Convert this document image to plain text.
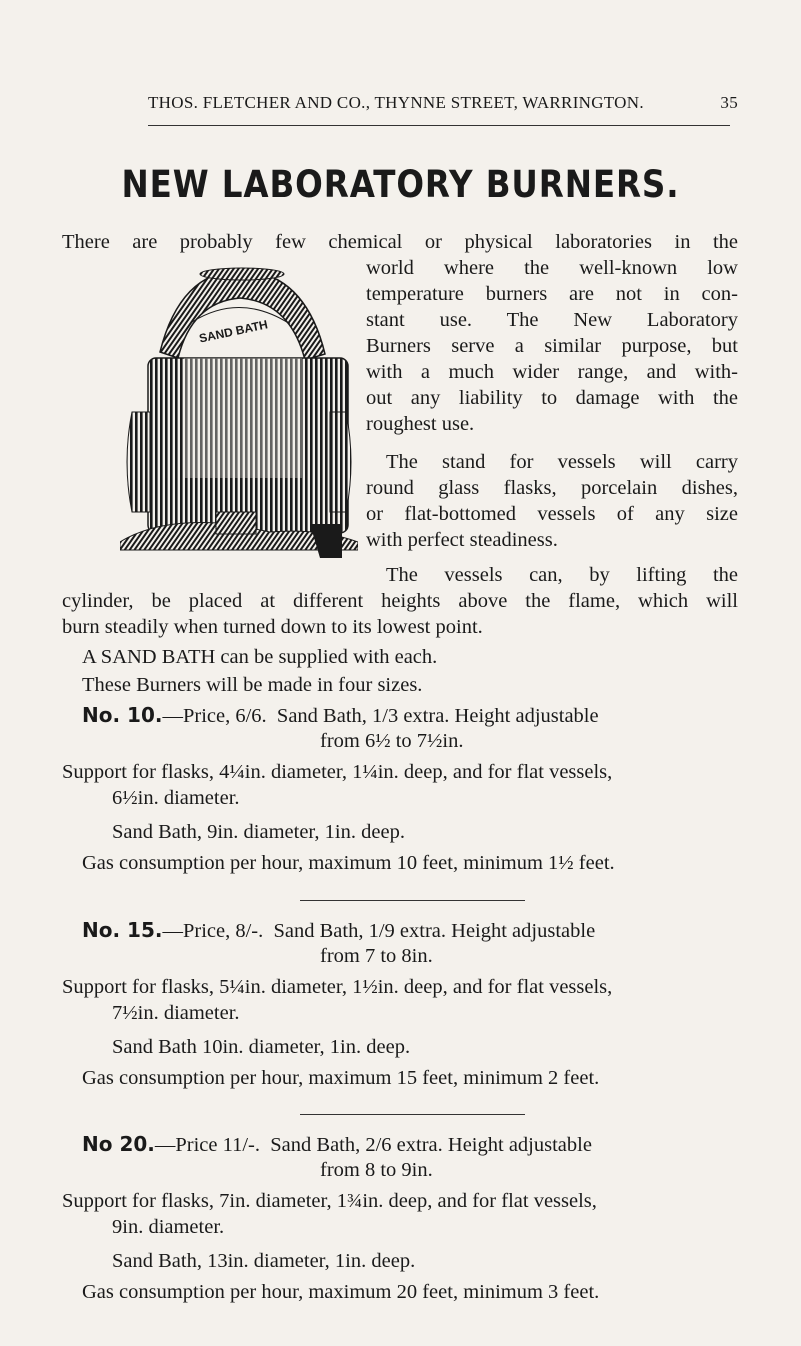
THOS. FLETCHER AND CO., THYNNE STREET, WARRINGTON.	35
NEW LABORATORY BURNERS.
SAND BATH

There are probably few chemical or physical laboratories in the

world where the well-known low

temperature burners are not in con-

stant use. The New Laboratory

Burners serve a similar purpose, but

with a much wider range, and with-

out any liability to damage with the

roughest use.

The stand for vessels will carry

round glass flasks, porcelain dishes,

or flat-bottomed vessels of any size

with perfect steadiness.

The vessels can, by lifting the

cylinder, be placed at different heights above the flame, which will

burn steadily when turned down to its lowest point.

A SAND BATH can be supplied with each.

These Burners will be made in four sizes.

No. 10.—Price, 6/6. Sand Bath, 1/3 extra. Height adjustable

from 6½ to 7½in.

Support for flasks, 4¼in. diameter, 1¼in. deep, and for flat vessels,

6½in. diameter.

Sand Bath, 9in. diameter, 1in. deep.

Gas consumption per hour, maximum 10 feet, minimum 1½ feet.

No. 15.—Price, 8/-. Sand Bath, 1/9 extra. Height adjustable

from 7 to 8in.

Support for flasks, 5¼in. diameter, 1½in. deep, and for flat vessels,

7½in. diameter.

Sand Bath 10in. diameter, 1in. deep.

Gas consumption per hour, maximum 15 feet, minimum 2 feet.

No 20.—Price 11/-. Sand Bath, 2/6 extra. Height adjustable

from 8 to 9in.

Support for flasks, 7in. diameter, 1¾in. deep, and for flat vessels,

9in. diameter.

Sand Bath, 13in. diameter, 1in. deep.

Gas consumption per hour, maximum 20 feet, minimum 3 feet.
